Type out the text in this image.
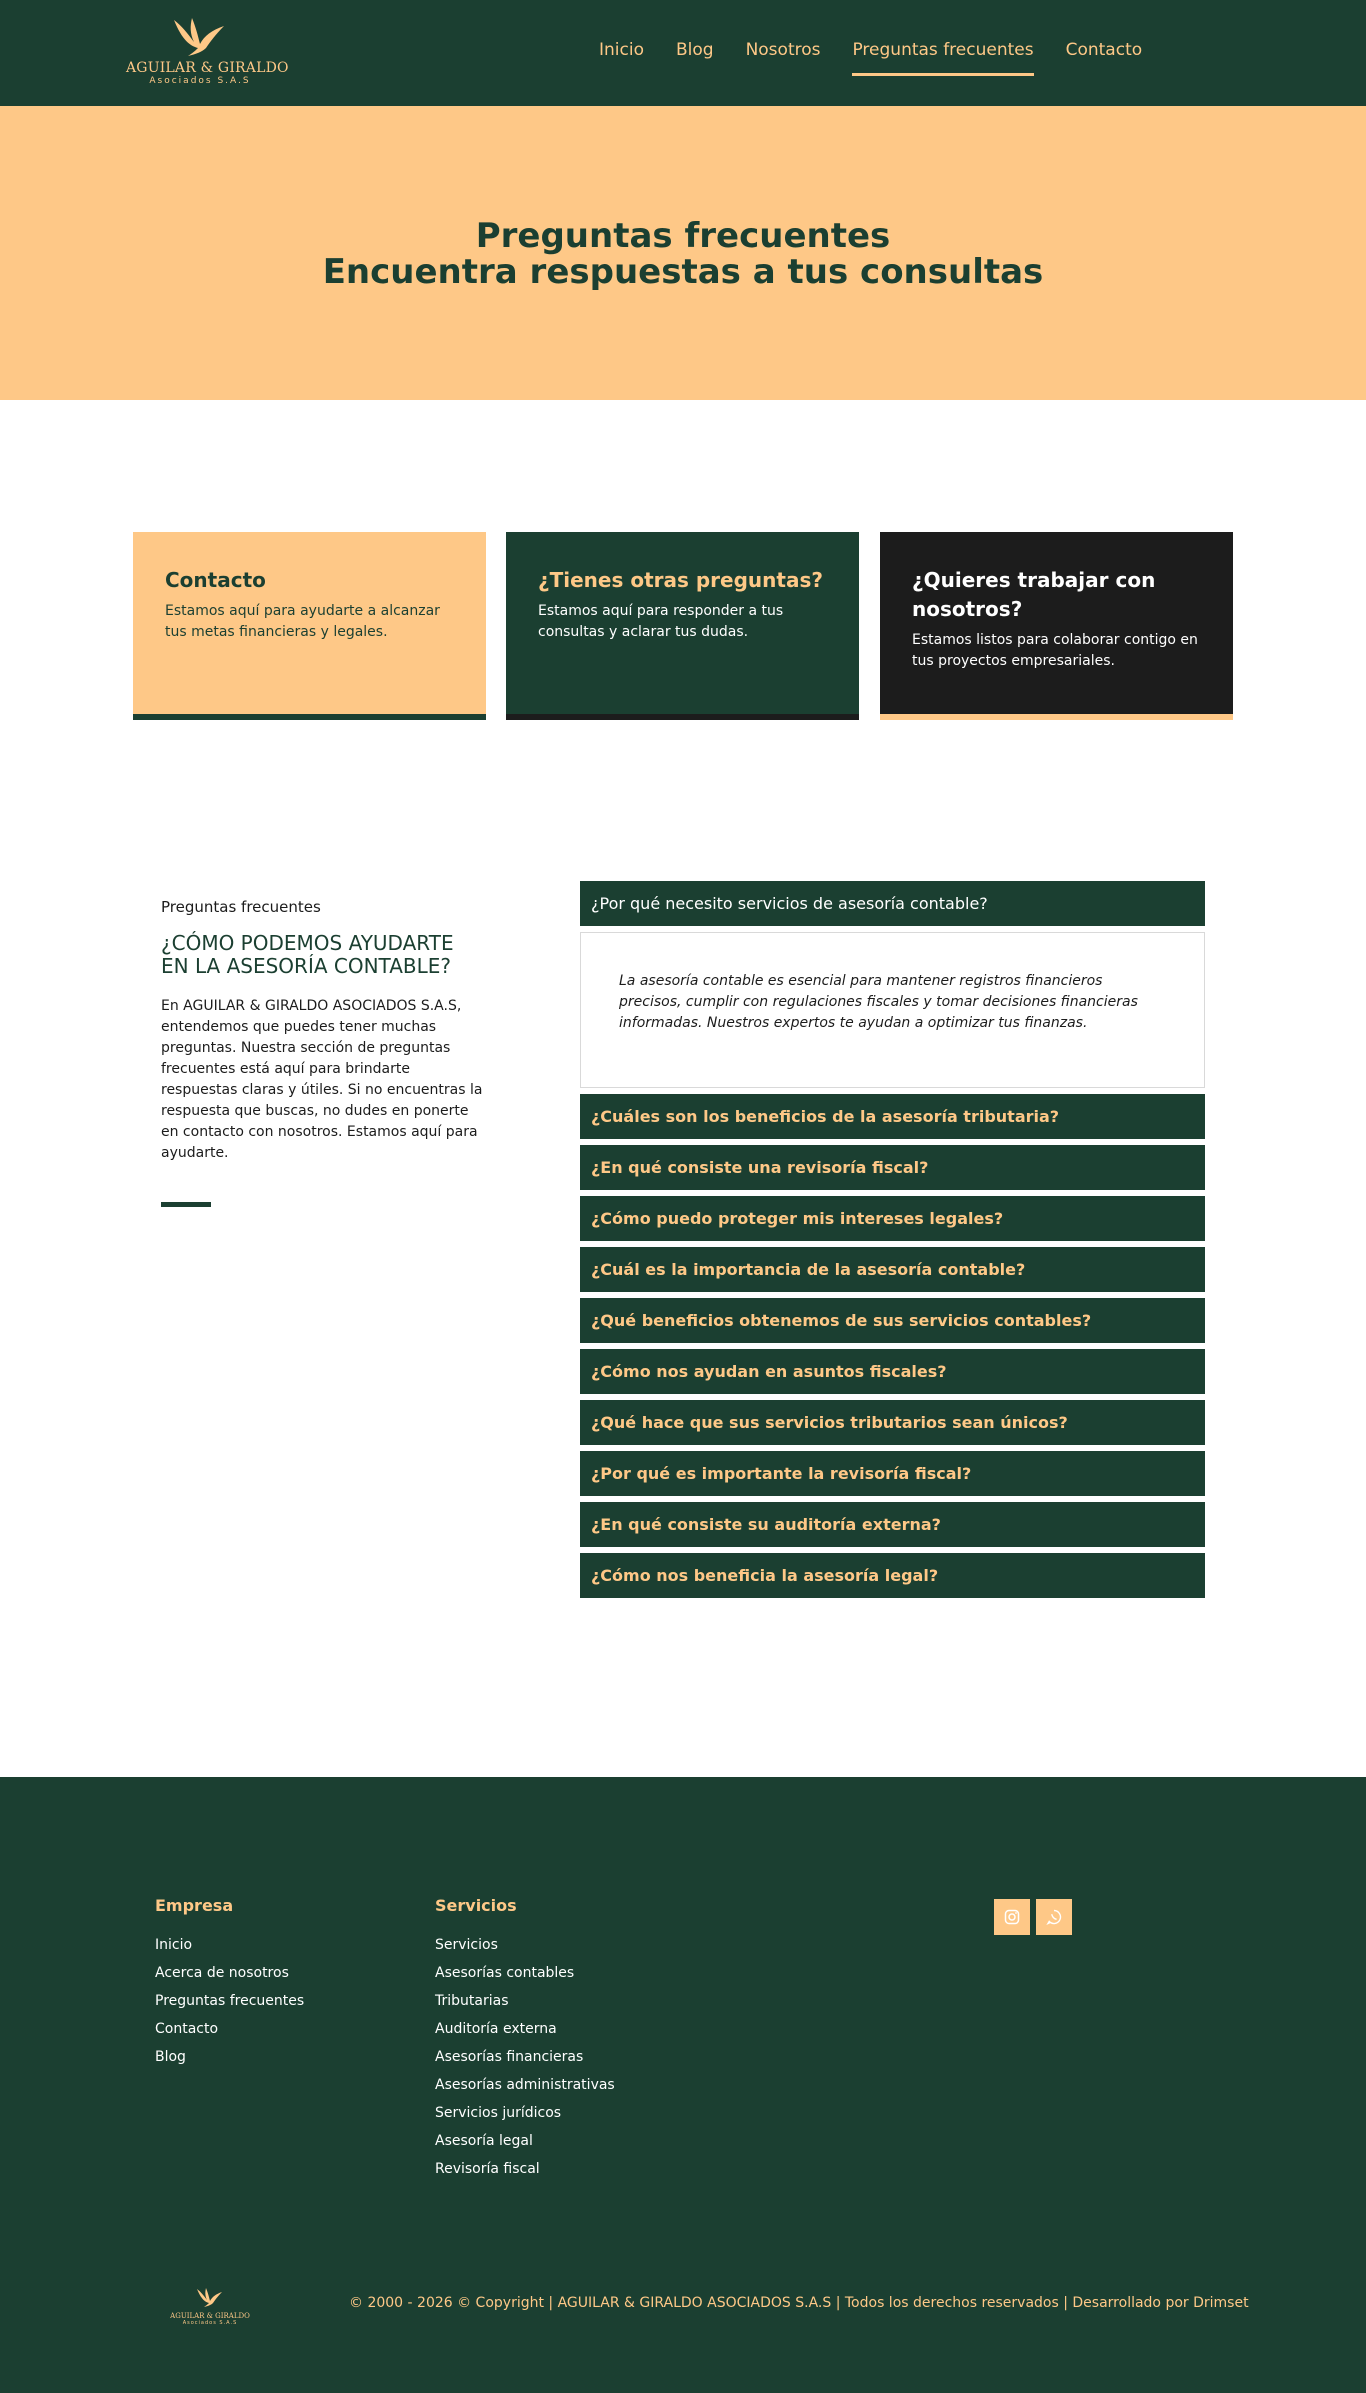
AGUILAR & GIRALDO
Asociados S.A.S
Inicio Blog Nosotros Preguntas frecuentes Contacto
Preguntas frecuentes
Encuentra respuestas a tus consultas
Contacto

Estamos aquí para ayudarte a alcanzar tus metas financieras y legales.

¿Tienes otras preguntas?

Estamos aquí para responder a tus consultas y aclarar tus dudas.

¿Quieres trabajar con nosotros?

Estamos listos para colaborar contigo en tus proyectos empresariales.

Preguntas frecuentes
¿CÓMO PODEMOS AYUDARTE EN LA ASESORÍA CONTABLE?

En AGUILAR & GIRALDO ASOCIADOS S.A.S, entendemos que puedes tener muchas preguntas. Nuestra sección de preguntas frecuentes está aquí para brindarte respuestas claras y útiles. Si no encuentras la respuesta que buscas, no dudes en ponerte en contacto con nosotros. Estamos aquí para ayudarte.

¿Por qué necesito servicios de asesoría contable?
La asesoría contable es esencial para mantener registros financieros precisos, cumplir con regulaciones fiscales y tomar decisiones financieras informadas. Nuestros expertos te ayudan a optimizar tus finanzas.
¿Cuáles son los beneficios de la asesoría tributaria?
¿En qué consiste una revisoría fiscal?
¿Cómo puedo proteger mis intereses legales?
¿Cuál es la importancia de la asesoría contable?
¿Qué beneficios obtenemos de sus servicios contables?
¿Cómo nos ayudan en asuntos fiscales?
¿Qué hace que sus servicios tributarios sean únicos?
¿Por qué es importante la revisoría fiscal?
¿En qué consiste su auditoría externa?
¿Cómo nos beneficia la asesoría legal?
Empresa
Inicio
Acerca de nosotros
Preguntas frecuentes
Contacto
Blog
Servicios
Servicios
Asesorías contables
Tributarias
Auditoría externa
Asesorías financieras
Asesorías administrativas
Servicios jurídicos
Asesoría legal
Revisoría fiscal
AGUILAR & GIRALDO
Asociados S.A.S
© 2000 - 2026 © Copyright | AGUILAR & GIRALDO ASOCIADOS S.A.S | Todos los derechos reservados | Desarrollado por Drimset
